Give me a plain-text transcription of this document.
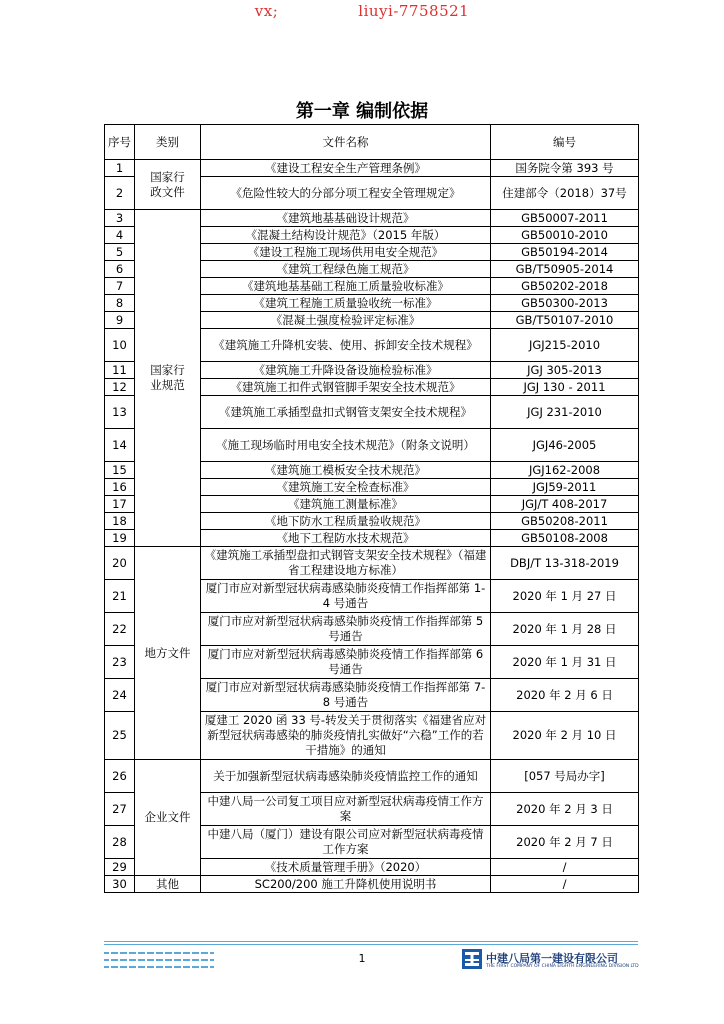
vx;	liuyi-7758521
第一章 编制依据
序号	类别	文件名称	编号
1	国家行政文件	《建设工程安全生产管理条例》	国务院令第 393 号
2		《危险性较大的分部分项工程安全管理规定》	住建部令（2018）37号
3	国家行业规范	《建筑地基基础设计规范》	GB50007-2011
4		《混凝土结构设计规范》（2015 年版）	GB50010-2010
5		《建设工程施工现场供用电安全规范》	GB50194-2014
6		《建筑工程绿色施工规范》	GB/T50905-2014
7		《建筑地基基础工程施工质量验收标准》	GB50202-2018
8		《建筑工程施工质量验收统一标准》	GB50300-2013
9		《混凝土强度检验评定标准》	GB/T50107-2010
10		《建筑施工升降机安装、使用、拆卸安全技术规程》	JGJ215-2010
11		《建筑施工升降设备设施检验标准》	JGJ 305-2013
12		《建筑施工扣件式钢管脚手架安全技术规范》	JGJ 130 - 2011
13		《建筑施工承插型盘扣式钢管支架安全技术规程》	JGJ 231-2010
14		《施工现场临时用电安全技术规范》（附条文说明）	JGJ46-2005
15		《建筑施工模板安全技术规范》	JGJ162-2008
16		《建筑施工安全检查标准》	JGJ59-2011
17		《建筑施工测量标准》	JGJ/T 408-2017
18		《地下防水工程质量验收规范》	GB50208-2011
19		《地下工程防水技术规范》	GB50108-2008
20	地方文件	《建筑施工承插型盘扣式钢管支架安全技术规程》（福建省工程建设地方标准）	DBJ/T 13-318-2019
21		厦门市应对新型冠状病毒感染肺炎疫情工作指挥部第 1-4 号通告	2020 年 1 月 27 日
22		厦门市应对新型冠状病毒感染肺炎疫情工作指挥部第 5 号通告	2020 年 1 月 28 日
23		厦门市应对新型冠状病毒感染肺炎疫情工作指挥部第 6 号通告	2020 年 1 月 31 日
24		厦门市应对新型冠状病毒感染肺炎疫情工作指挥部第 7-8 号通告	2020 年 2 月 6 日
25		厦建工 2020 函 33 号-转发关于贯彻落实《福建省应对新型冠状病毒感染的肺炎疫情扎实做好“六稳”工作的若干措施》的通知	2020 年 2 月 10 日
26	企业文件	关于加强新型冠状病毒感染肺炎疫情监控工作的通知	[057 号局办字]
27		中建八局一公司复工项目应对新型冠状病毒疫情工作方案	2020 年 2 月 3 日
28		中建八局（厦门）建设有限公司应对新型冠状病毒疫情工作方案	2020 年 2 月 7 日
29		《技术质量管理手册》（2020）	/
30	其他	SC200/200 施工升降机使用说明书	/
1	中建八局第一建设有限公司
THE FIRST COMPANY OF CHINA EIGHTH ENGINEERING DIVISION LTD
